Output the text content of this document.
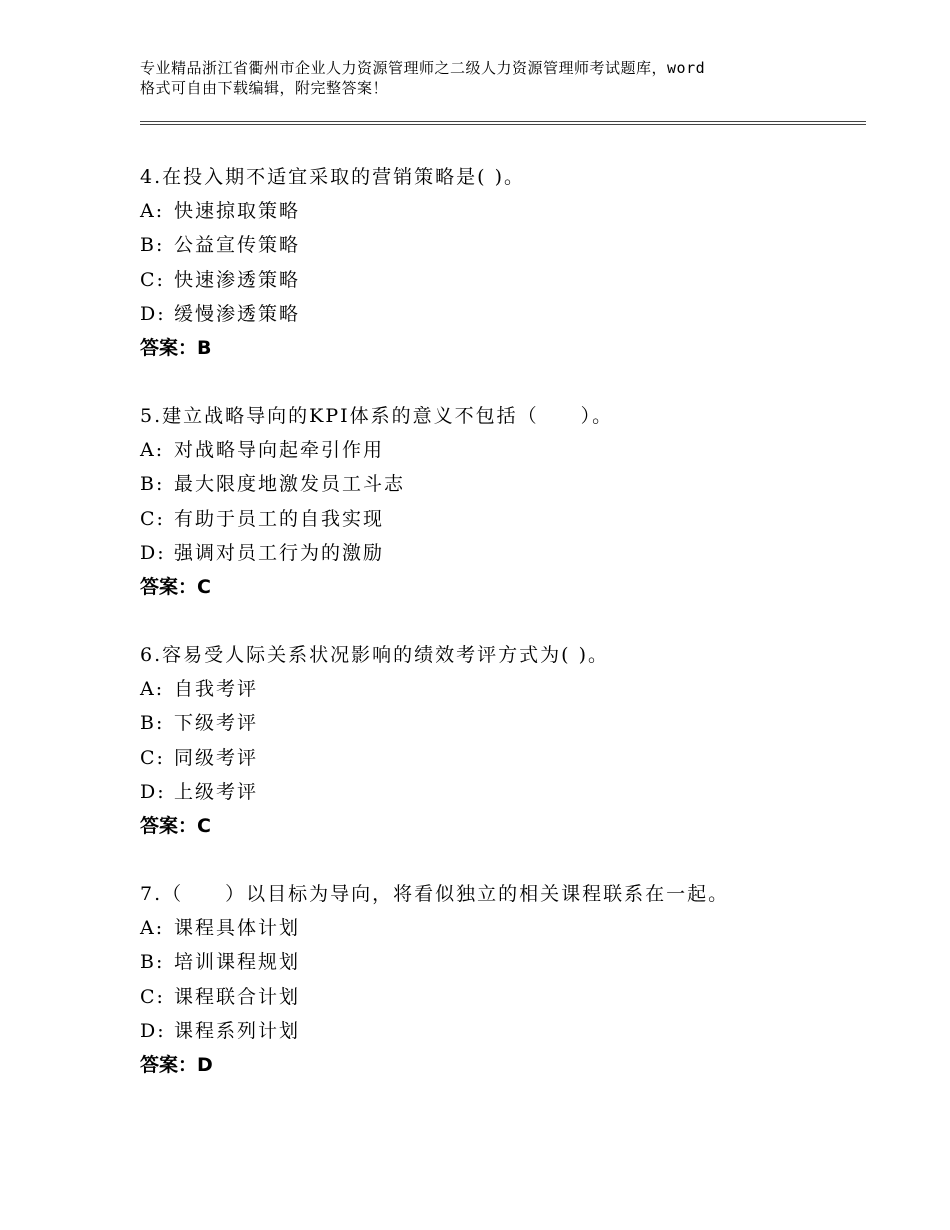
专业精品浙江省衢州市企业人力资源管理师之二级人力资源管理师考试题库，word
格式可自由下载编辑，附完整答案！
4.在投入期不适宜采取的营销策略是( )。
A: 快速掠取策略
B: 公益宣传策略
C: 快速渗透策略
D: 缓慢渗透策略
答案：B
5.建立战略导向的KPI体系的意义不包括（　　）。
A: 对战略导向起牵引作用
B: 最大限度地激发员工斗志
C: 有助于员工的自我实现
D: 强调对员工行为的激励
答案：C
6.容易受人际关系状况影响的绩效考评方式为( )。
A: 自我考评
B: 下级考评
C: 同级考评
D: 上级考评
答案：C
7.（　　）以目标为导向，将看似独立的相关课程联系在一起。
A: 课程具体计划
B: 培训课程规划
C: 课程联合计划
D: 课程系列计划
答案：D
